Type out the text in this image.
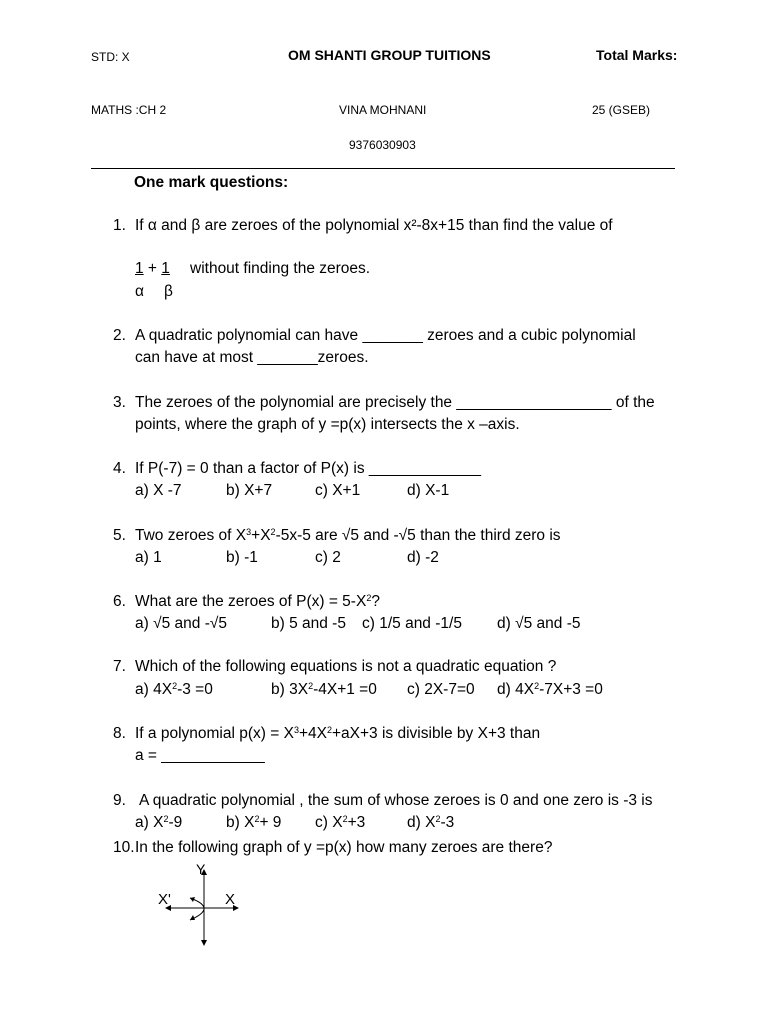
STD: X	OM SHANTI GROUP TUITIONS	Total Marks:
MATHS :CH 2	VINA MOHNANI	25 (GSEB)
9376030903
One mark questions:
1. If α and β are zeroes of the polynomial x²-8x+15 than find the value of
1 + 1 without finding the zeroes.
α β
2. A quadratic polynomial can have _______ zeroes and a cubic polynomial
can have at most _______zeroes.
3. The zeroes of the polynomial are precisely the __________________ of the
points, where the graph of y =p(x) intersects the x –axis.
4. If P(-7) = 0 than a factor of P(x) is _____________
a) X -7	b) X+7	c) X+1	d) X-1
5. Two zeroes of $X^3+X^2-5x-5$ are √5 and -√5 than the third zero is
a) 1	b) -1	c) 2	d) -2
6. What are the zeroes of $P(x) = 5-X^2$?
a) √5 and -√5	b) 5 and -5 c) 1/5 and -1/5 d) √5 and -5
7. Which of the following equations is not a quadratic equation ?
a) $4X^2-3 =0$	b) $3X^2-4X+1 =0$ c) 2X-7=0 d) $4X^2-7X+3 =0$
8. If a polynomial $p(x) = X^3+4X^2+aX+3$ is divisible by X+3 than
a = ____________
9. A quadratic polynomial , the sum of whose zeroes is 0 and one zero is -3 is
a) $X^2-9$	b) $X^2+ 9$ c) $X^2+3$	d) $X^2-3$
10. In the following graph of y =p(x) how many zeroes are there?
Y
X'	X
